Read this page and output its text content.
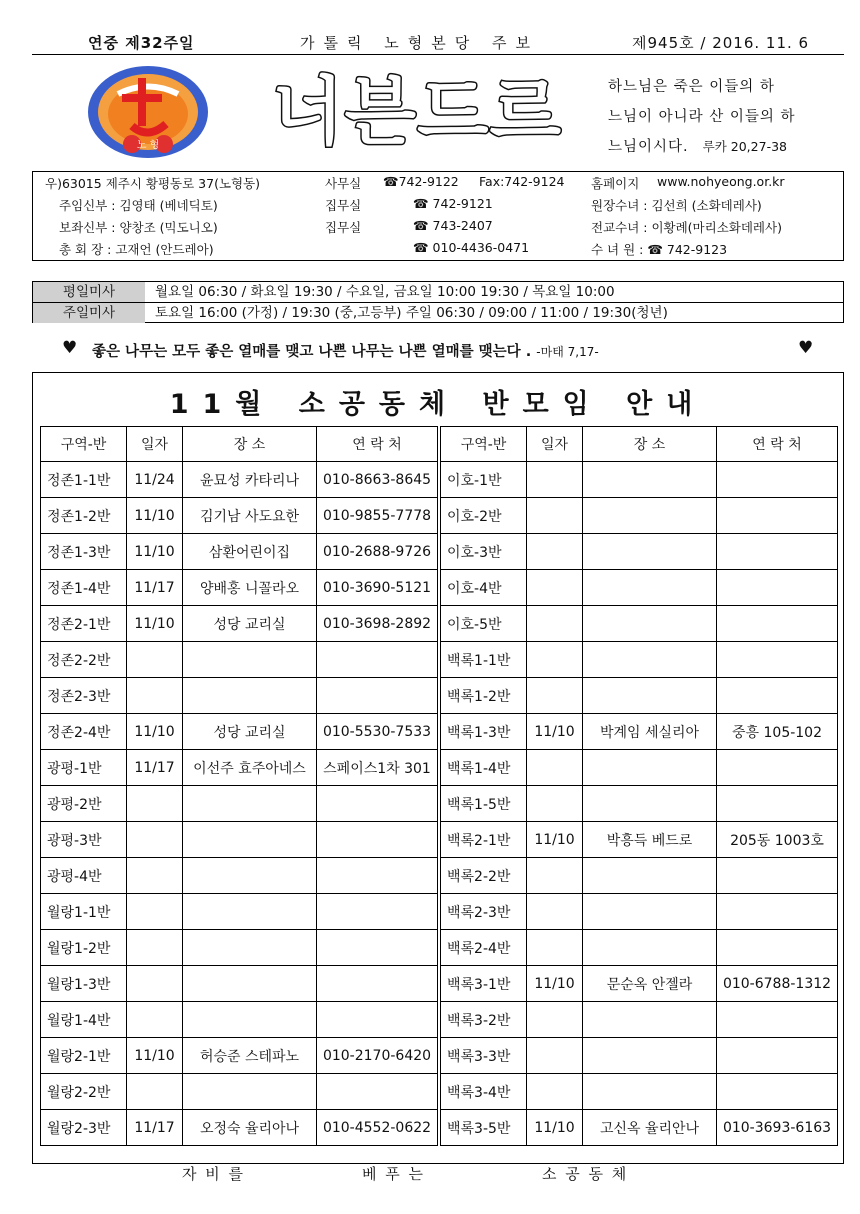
연중 제32주일	가톨릭 노형본당 주보	제945호 / 2016. 11. 6
노 형 너븐드르	하느님은 죽은 이들의 하
느님이 아니라 산 이들의 하
느님이시다. 루카 20,27-38
우)63015 제주시 황평동로 37(노형동)	사무실 ☎742-9122 Fax:742-9124 홈페이지 www.nohyeong.or.kr
주임신부 : 김영태 (베네딕토)	집무실	☎ 742-9121	원장수녀 : 김선희 (소화데레사)
보좌신부 : 양창조 (믹도니오)	집무실	☎ 743-2407	전교수녀 : 이황례(마리소화데레사)
총 회 장 : 고재언 (안드레아)	☎ 010-4436-0471	수 녀 원 : ☎ 742-9123
평일미사	월요일 06:30 / 화요일 19:30 / 수요일, 금요일 10:00 19:30 / 목요일 10:00
주일미사	토요일 16:00 (가정) / 19:30 (중,고등부) 주일 06:30 / 09:00 / 11:00 / 19:30(청년)
♥ 좋은 나무는 모두 좋은 열매를 맺고 나쁜 나무는 나쁜 열매를 맺는다 . -마태 7,17-	♥
11월 소공동체 반모임 안내
구역-반	일자	장 소	연 락 처
정존1-1반	11/24	윤묘성 카타리나	010-8663-8645
정존1-2반	11/10	김기남 사도요한	010-9855-7778
정존1-3반	11/10	삼환어린이집	010-2688-9726
정존1-4반	11/17	양배홍 니꼴라오	010-3690-5121
정존2-1반	11/10	성당 교리실	010-3698-2892
정존2-2반			
정존2-3반			
정존2-4반	11/10	성당 교리실	010-5530-7533
광평-1반	11/17	이선주 효주아네스	스페이스1차 301
광평-2반			
광평-3반			
광평-4반			
월랑1-1반			
월랑1-2반			
월랑1-3반			
월랑1-4반			
월랑2-1반	11/10	허승준 스테파노	010-2170-6420
월랑2-2반			
월랑2-3반	11/17	오정숙 율리아나	010-4552-0622
구역-반	일자	장 소	연 락 처
이호-1반			
이호-2반			
이호-3반			
이호-4반			
이호-5반			
백록1-1반			
백록1-2반			
백록1-3반	11/10	박계임 세실리아	중흥 105-102
백록1-4반			
백록1-5반			
백록2-1반	11/10	박흥득 베드로	205동 1003호
백록2-2반			
백록2-3반			
백록2-4반			
백록3-1반	11/10	문순옥 안젤라	010-6788-1312
백록3-2반			
백록3-3반			
백록3-4반			
백록3-5반	11/10	고신옥 율리안나	010-3693-6163
자 비 를	베 푸 는	소 공 동 체
